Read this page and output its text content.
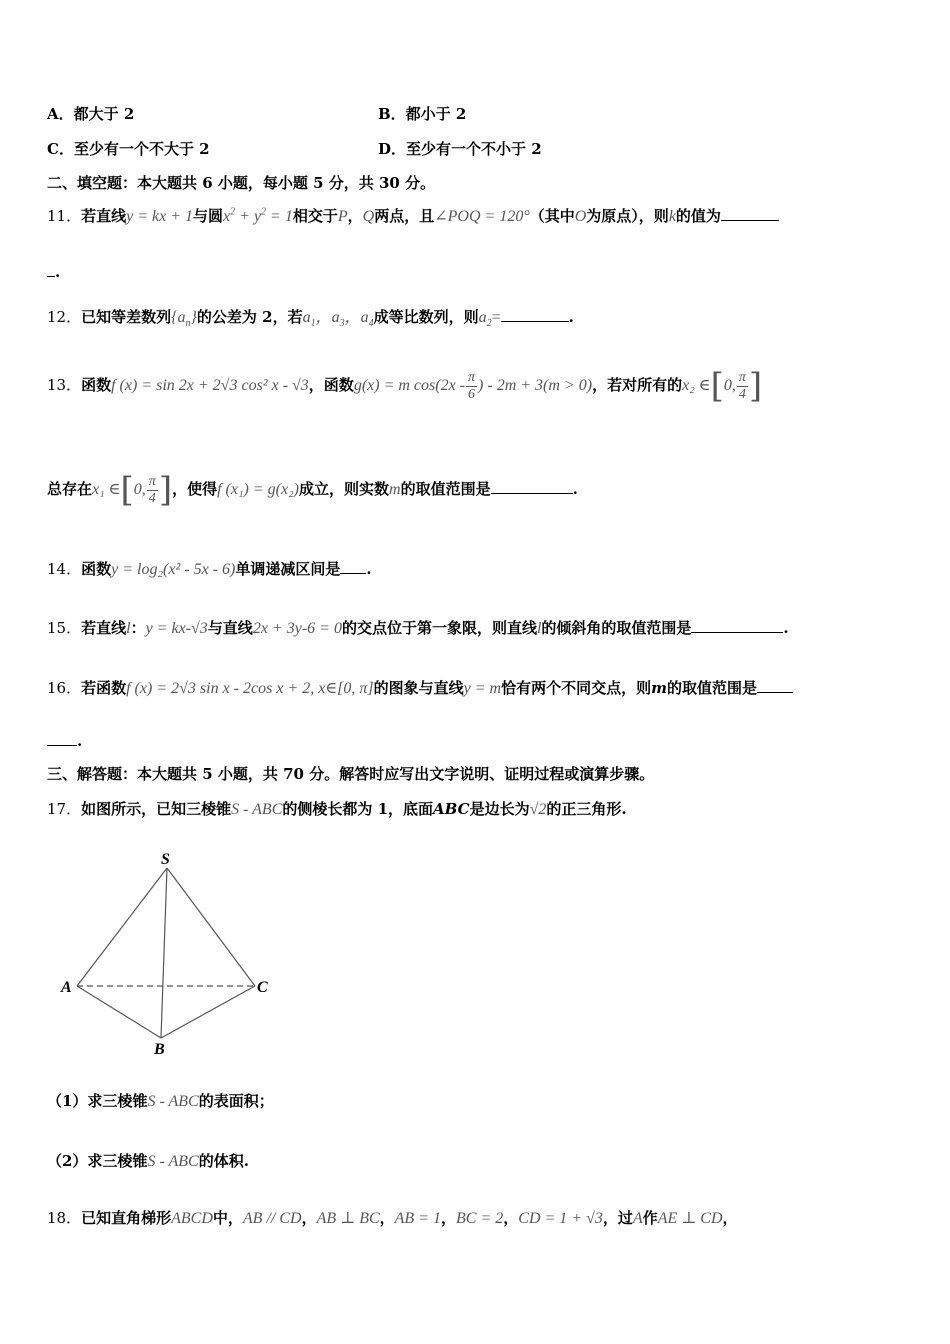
A．都大于 2	B．都小于 2
C．至少有一个不大于 2	D．至少有一个不小于 2
二、填空题：本大题共 6 小题，每小题 5 分，共 30 分。
11．若直线y = kx + 1与圆$x^2 + y^2 = 1$相交于P，Q两点，且∠POQ = 120°（其中O为原点），则k的值为
.
12．已知等差数列$\{a_n\}$的公差为 2，若$a_1$，$a_3$，$a_4$成等比数列，则$a_2=$	.
13．函数f (x) = sin 2x + 2√3 cos² x - √3，函数g(x) = m $\cos(2x - \frac{\pi}{6}$ ) - 2m + 3(m > 0)，若对所有的x₂ ∈[0, $\frac{\pi}{4}$ ]
总存在x₁ ∈[0, $\frac{\pi}{4}$ ]，使得f (x₁) = g(x₂)成立，则实数m的取值范围是	.
14．函数y = log₂(x² - 5x - 6)单调递减区间是 .
15．若直线l：y = kx-√3与直线2x + 3y-6 = 0的交点位于第一象限，则直线l的倾斜角的取值范围是	.
16．若函数f (x) = 2√3 sin x - 2cos x + 2, x∈[0, π]的图象与直线y = m恰有两个不同交点，则m的取值范围是
.
三、解答题：本大题共 5 小题，共 70 分。解答时应写出文字说明、证明过程或演算步骤。
17．如图所示，已知三棱锥S - ABC的侧棱长都为 1，底面ABC是边长为√2的正三角形.
S
A	C
B
（1）求三棱锥S - ABC的表面积；
（2）求三棱锥S - ABC的体积.
18．已知直角梯形ABCD中，AB // CD，AB ⊥ BC，AB = 1，BC = 2，CD = 1 + √3，过A作AE ⊥ CD，
